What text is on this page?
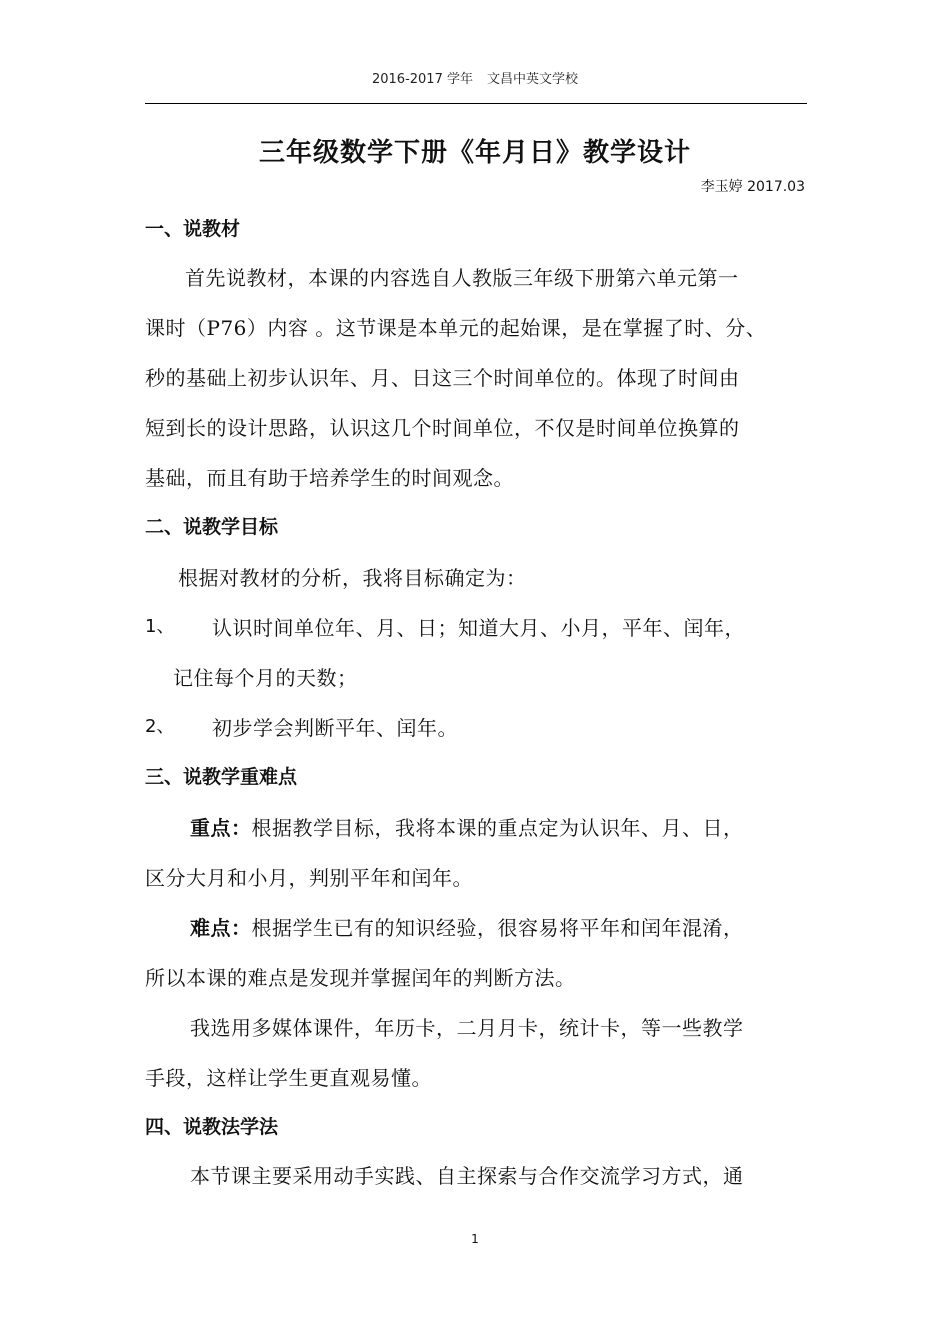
2016-2017 学年 文昌中英文学校
三年级数学下册《年月日》教学设计
李玉婷 2017.03
一、说教材
首先说教材，本课的内容选自人教版三年级下册第六单元第一
课时（P76）内容 。这节课是本单元的起始课，是在掌握了时、分、
秒的基础上初步认识年、月、日这三个时间单位的。体现了时间由
短到长的设计思路，认识这几个时间单位，不仅是时间单位换算的
基础，而且有助于培养学生的时间观念。
二、说教学目标
根据对教材的分析，我将目标确定为：
1、 认识时间单位年、月、日；知道大月、小月，平年、闰年，
记住每个月的天数；
2、 初步学会判断平年、闰年。
三、说教学重难点
重点：根据教学目标，我将本课的重点定为认识年、月、日，
区分大月和小月，判别平年和闰年。
难点：根据学生已有的知识经验，很容易将平年和闰年混淆，
所以本课的难点是发现并掌握闰年的判断方法。
我选用多媒体课件，年历卡，二月月卡，统计卡，等一些教学
手段，这样让学生更直观易懂。
四、说教法学法
本节课主要采用动手实践、自主探索与合作交流学习方式，通
1
